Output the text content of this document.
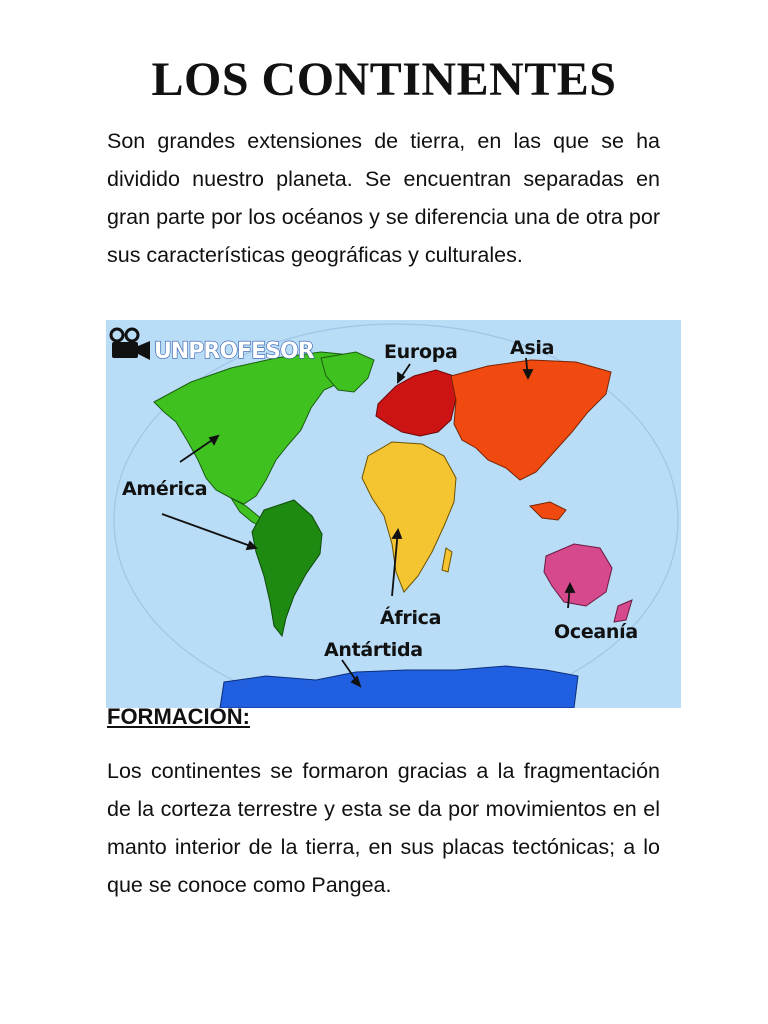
LOS CONTINENTES

Son grandes extensiones de tierra, en las que se ha dividido nuestro planeta. Se encuentran separadas en gran parte por los océanos y se diferencia una de otra por sus características geográficas y culturales.

UNPROFESOR	Europa	Asia
América
África
Antártida
Oceanía
FORMACION:

Los continentes se formaron gracias a la fragmentación de la corteza terrestre y esta se da por movimientos en el manto interior de la tierra, en sus placas tectónicas; a lo que se conoce como Pangea.
